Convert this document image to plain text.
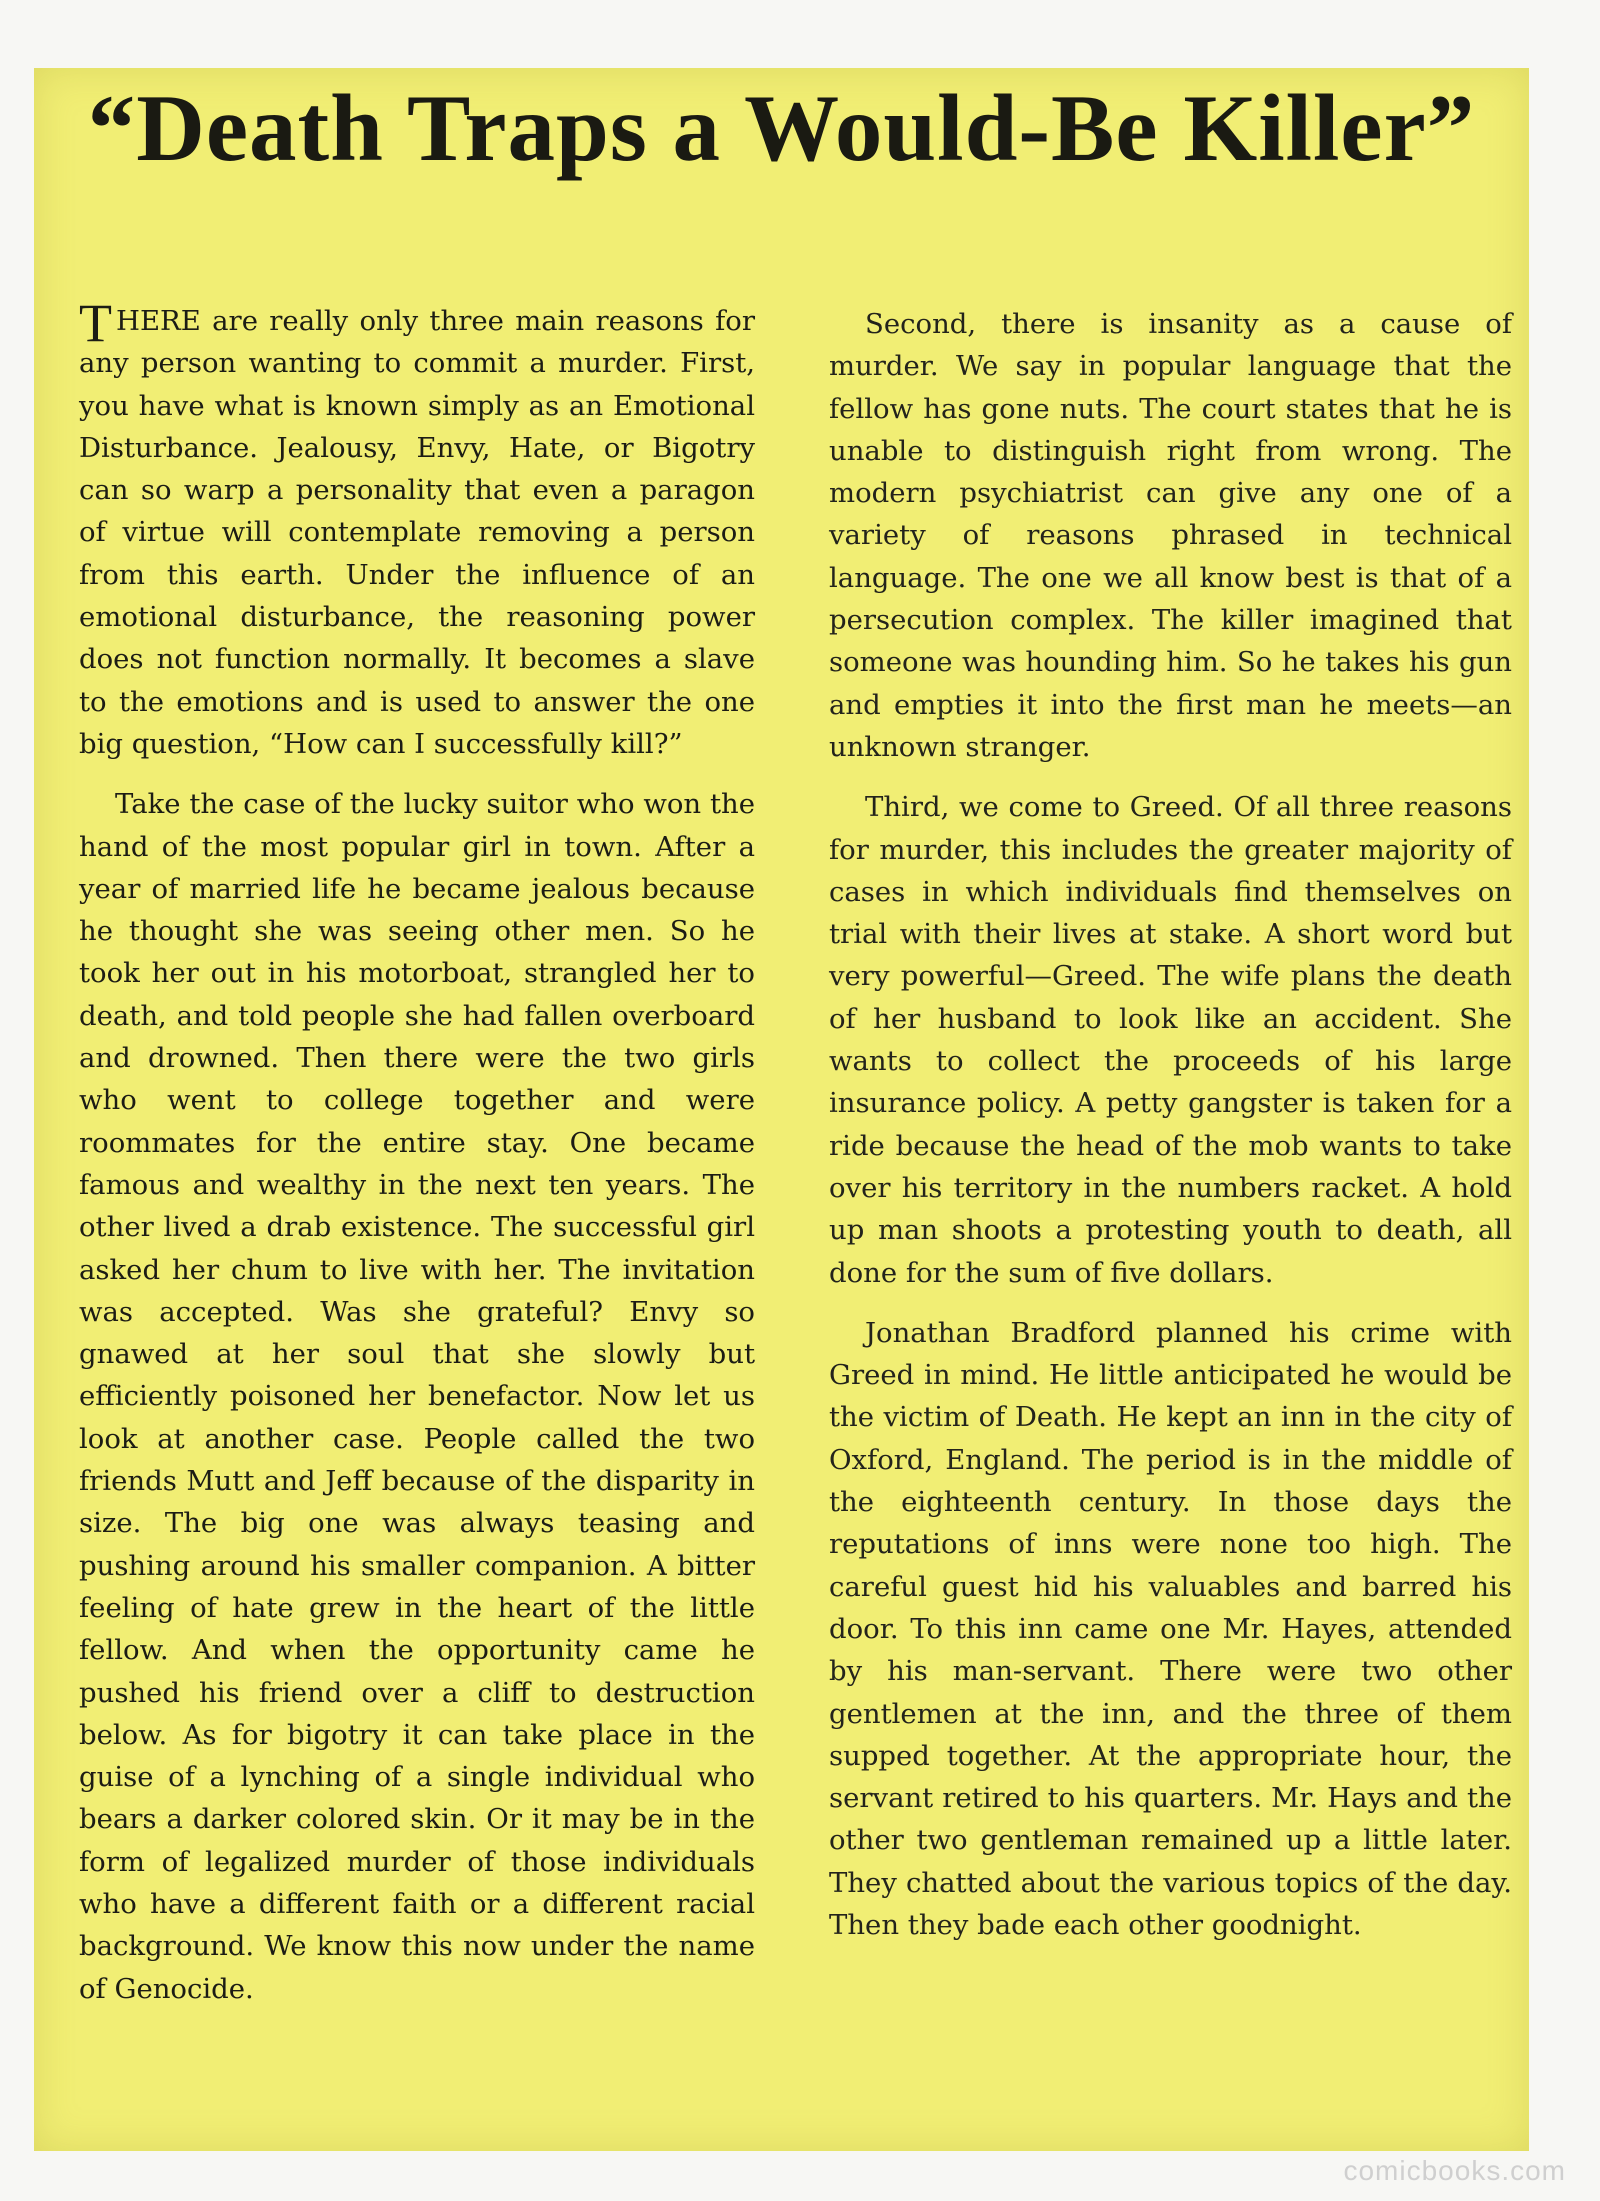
“Death Traps a Would-Be Killer”

THERE are really only three main reasons for any person wanting to commit a murder. First, you have what is known simply as an Emotional Disturbance. Jealousy, Envy, Hate, or Bigotry can so warp a personality that even a paragon of virtue will contemplate removing a person from this earth. Under the influence of an emotional disturbance, the reasoning power does not function normally. It becomes a slave to the emotions and is used to answer the one big question, “How can I successfully kill?”

Take the case of the lucky suitor who won the hand of the most popular girl in town. After a year of married life he became jealous because he thought she was seeing other men. So he took her out in his motorboat, strangled her to death, and told people she had fallen overboard and drowned. Then there were the two girls who went to college together and were roommates for the entire stay. One became famous and wealthy in the next ten years. The other lived a drab existence. The successful girl asked her chum to live with her. The invitation was accepted. Was she grateful? Envy so gnawed at her soul that she slowly but efficiently poisoned her benefactor. Now let us look at another case. People called the two friends Mutt and Jeff because of the disparity in size. The big one was always teasing and pushing around his smaller companion. A bitter feeling of hate grew in the heart of the little fellow. And when the opportunity came he pushed his friend over a cliff to destruction below. As for bigotry it can take place in the guise of a lynching of a single individual who bears a darker colored skin. Or it may be in the form of legalized murder of those individuals who have a different faith or a different racial background. We know this now under the name of Genocide.

Second, there is insanity as a cause of murder. We say in popular language that the fellow has gone nuts. The court states that he is unable to distinguish right from wrong. The modern psychiatrist can give any one of a variety of reasons phrased in technical language. The one we all know best is that of a persecution complex. The killer imagined that someone was hounding him. So he takes his gun and empties it into the first man he meets—an unknown stranger.

Third, we come to Greed. Of all three reasons for murder, this includes the greater majority of cases in which individuals find themselves on trial with their lives at stake. A short word but very powerful—Greed. The wife plans the death of her husband to look like an accident. She wants to collect the proceeds of his large insurance policy. A petty gangster is taken for a ride because the head of the mob wants to take over his territory in the numbers racket. A hold up man shoots a protesting youth to death, all done for the sum of five dollars.

Jonathan Bradford planned his crime with Greed in mind. He little anticipated he would be the victim of Death. He kept an inn in the city of Oxford, England. The period is in the middle of the eighteenth century. In those days the reputations of inns were none too high. The careful guest hid his valuables and barred his door. To this inn came one Mr. Hayes, attended by his man-servant. There were two other gentlemen at the inn, and the three of them supped together. At the appropriate hour, the servant retired to his quarters. Mr. Hays and the other two gentleman remained up a little later. They chatted about the various topics of the day. Then they bade each other goodnight.

comicbooks.com
